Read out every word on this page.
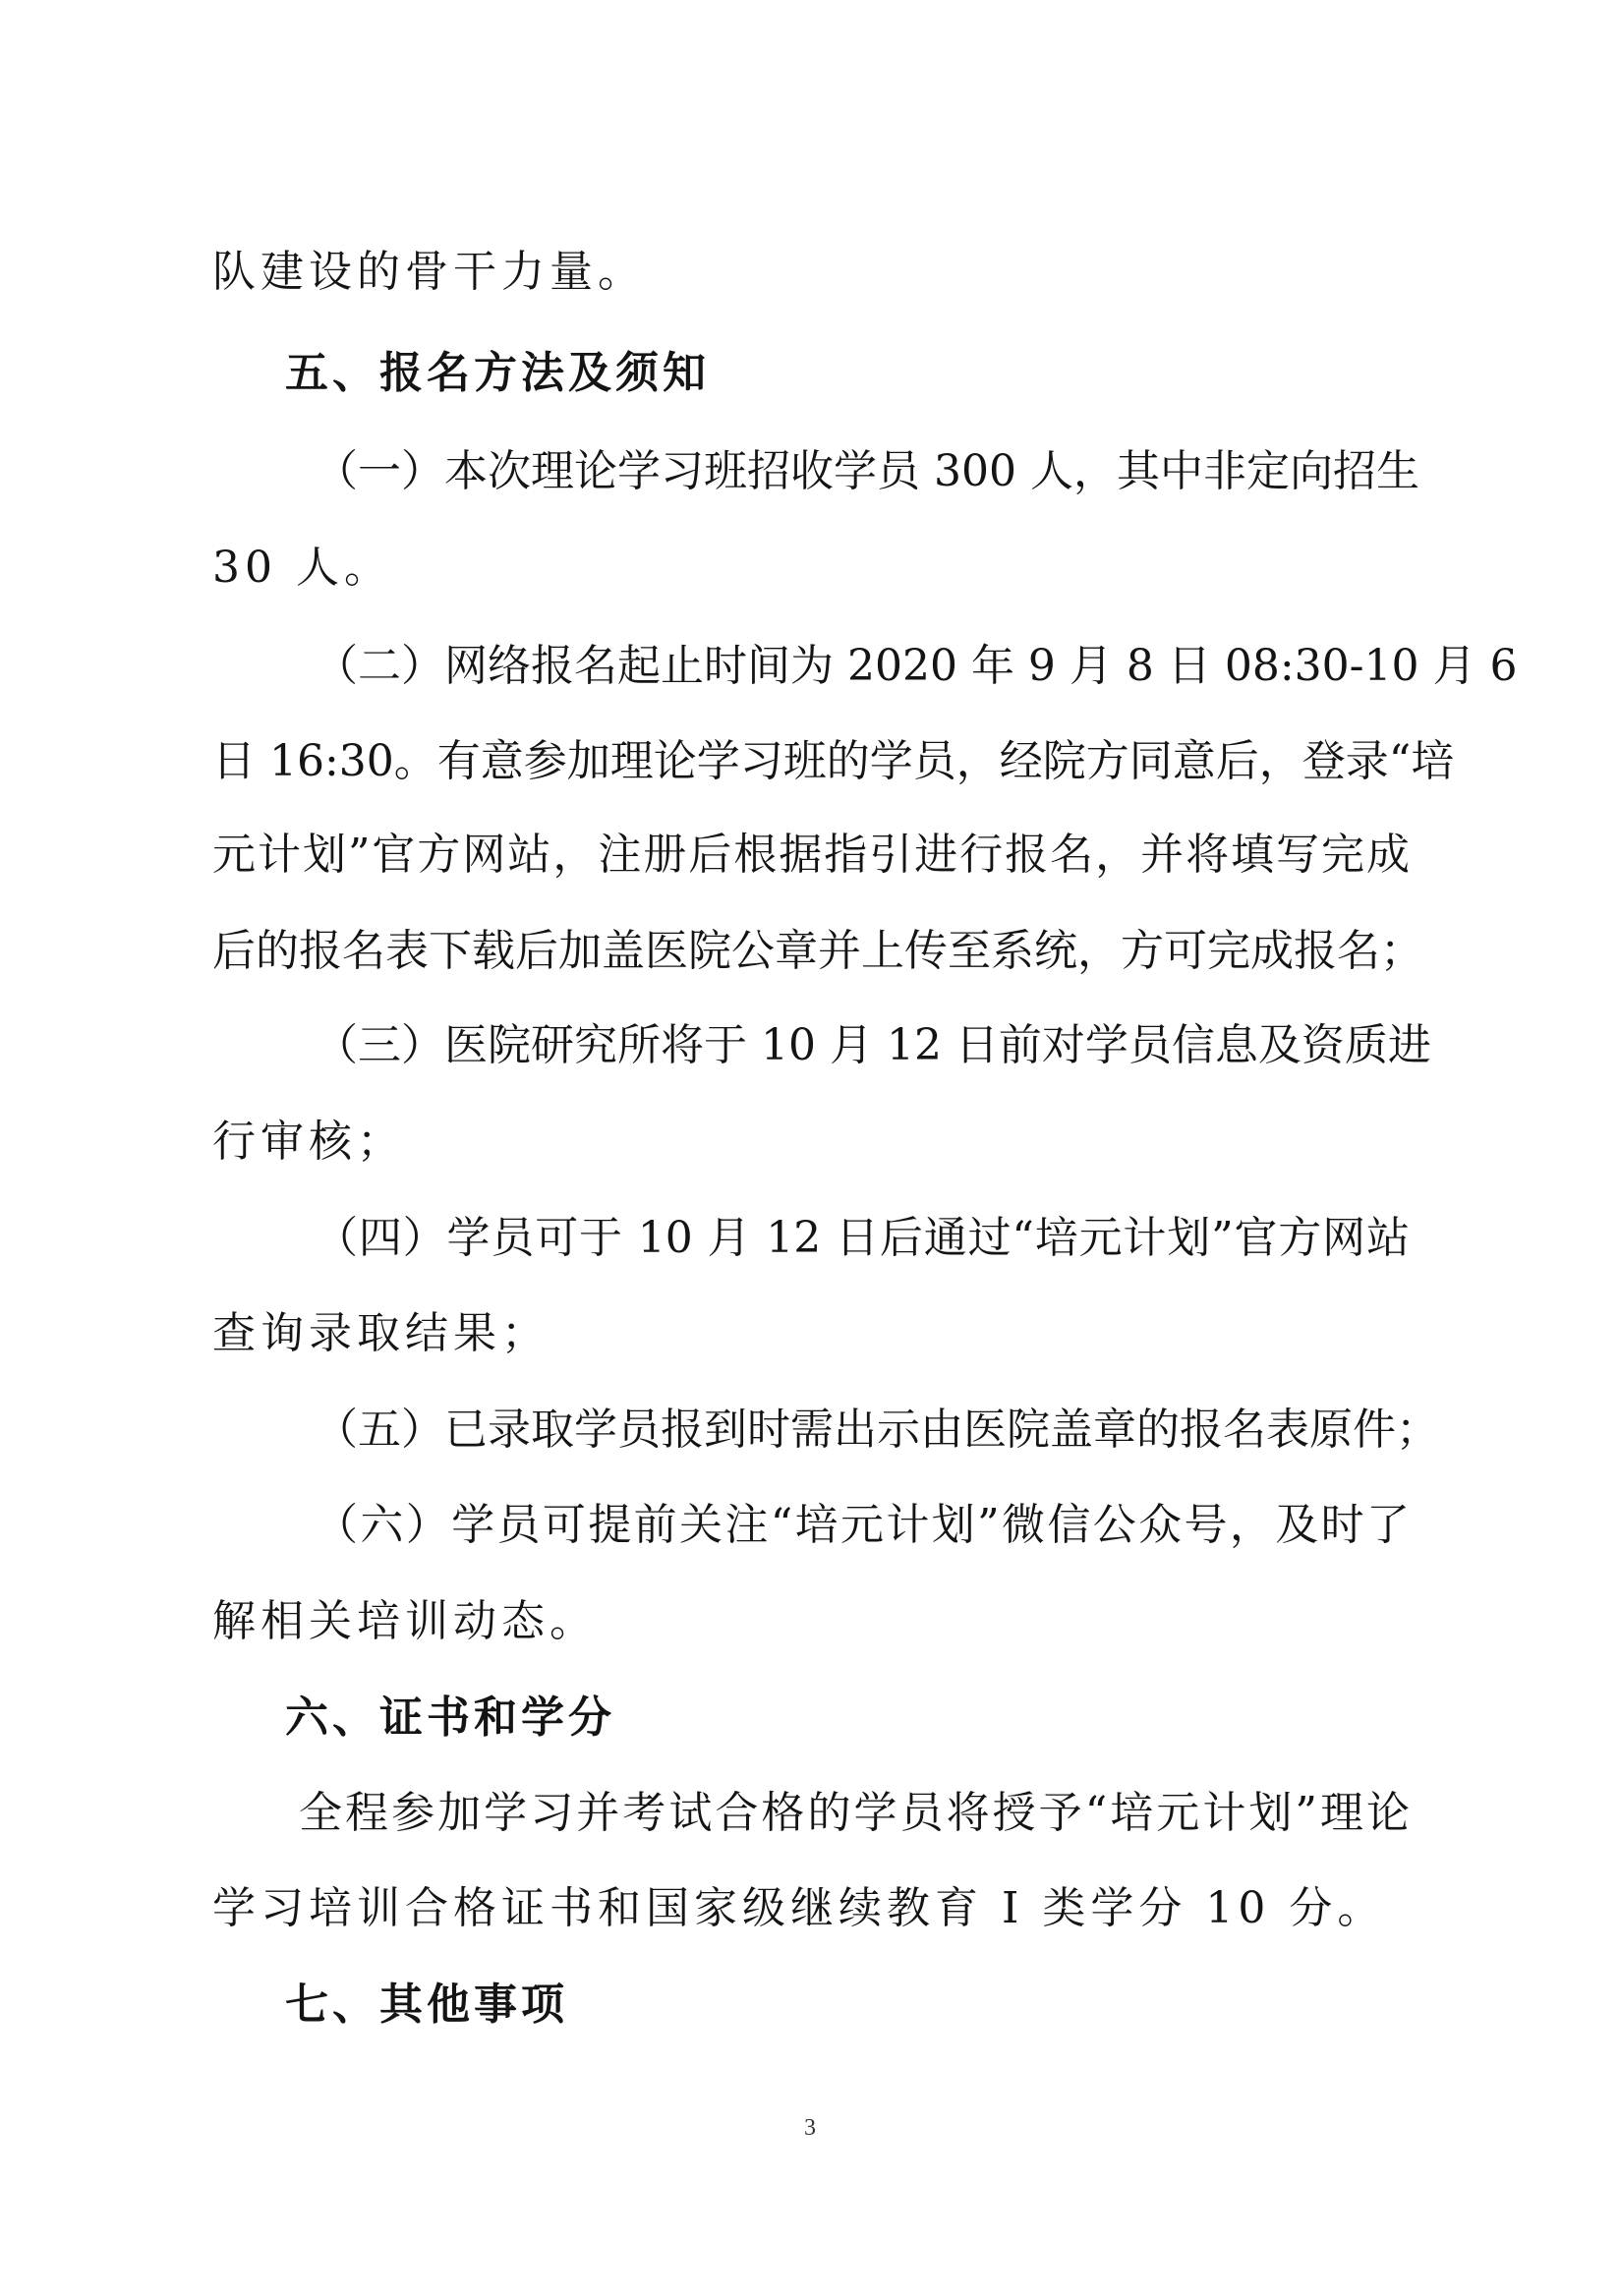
队建设的骨干力量。

五、报名方法及须知

（一）本次理论学习班招收学员 300 人，其中非定向招生

30 人。

（二）网络报名起止时间为 2020 年 9 月 8 日 08:30-10 月 6

日 16:30。有意参加理论学习班的学员，经院方同意后，登录“培

元计划”官方网站，注册后根据指引进行报名，并将填写完成

后的报名表下载后加盖医院公章并上传至系统，方可完成报名；

（三）医院研究所将于 10 月 12 日前对学员信息及资质进

行审核；

（四）学员可于 10 月 12 日后通过“培元计划”官方网站

查询录取结果；

（五）已录取学员报到时需出示由医院盖章的报名表原件；

（六）学员可提前关注“培元计划”微信公众号，及时了

解相关培训动态。

六、证书和学分

全程参加学习并考试合格的学员将授予“培元计划”理论

学习培训合格证书和国家级继续教育 I 类学分 10 分。

七、其他事项

3
